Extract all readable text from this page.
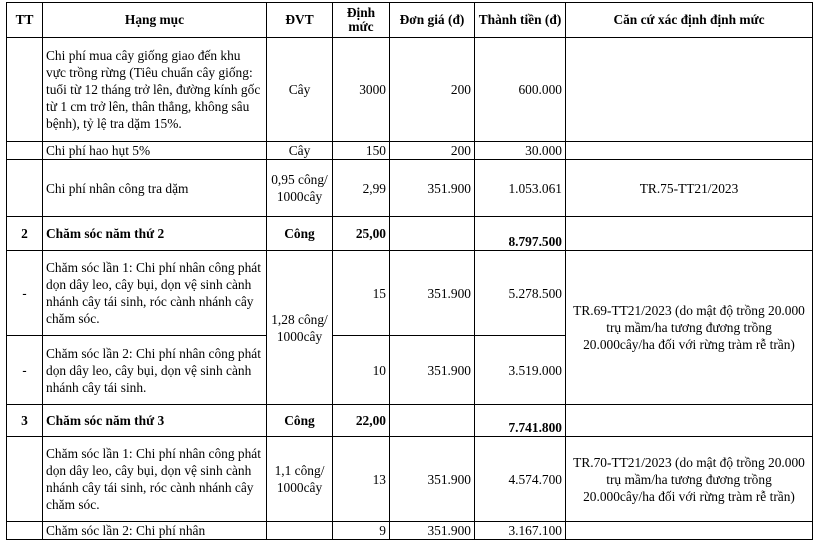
TT	Hạng mục	ĐVT	Định mức	Đơn giá (đ)	Thành tiền (đ)	Căn cứ xác định định mức
	Chi phí mua cây giống giao đến khu vực trồng rừng (Tiêu chuẩn cây giống: tuổi từ 12 tháng trở lên, đường kính gốc từ 1 cm trở lên, thân thẳng, không sâu bệnh), tỷ lệ tra dặm 15%.	Cây	3000	200	600.000	
	Chi phí hao hụt 5%	Cây	150	200	30.000	
	Chi phí nhân công tra dặm	0,95 công/ 1000cây	2,99	351.900	1.053.061	TR.75-TT21/2023
2	Chăm sóc năm thứ 2	Công	25,00		8.797.500	
-	Chăm sóc lần 1: Chi phí nhân công phát dọn dây leo, cây bụi, dọn vệ sinh cành nhánh cây tái sinh, róc cành nhánh cây chăm sóc.	1,28 công/ 1000cây	15	351.900	5.278.500	TR.69-TT21/2023 (do mật độ trồng 20.000 trụ mầm/ha tương đương trồng 20.000cây/ha đối với rừng tràm rễ trần)
-	Chăm sóc lần 2: Chi phí nhân công phát dọn dây leo, cây bụi, dọn vệ sinh cành nhánh cây tái sinh.		10	351.900	3.519.000	
3	Chăm sóc năm thứ 3	Công	22,00		7.741.800	
	Chăm sóc lần 1: Chi phí nhân công phát dọn dây leo, cây bụi, dọn vệ sinh cành nhánh cây tái sinh, róc cành nhánh cây chăm sóc.	1,1 công/ 1000cây	13	351.900	4.574.700	TR.70-TT21/2023 (do mật độ trồng 20.000 trụ mầm/ha tương đương trồng 20.000cây/ha đối với rừng tràm rễ trần)
	Chăm sóc lần 2: Chi phí nhân		9	351.900	3.167.100	
